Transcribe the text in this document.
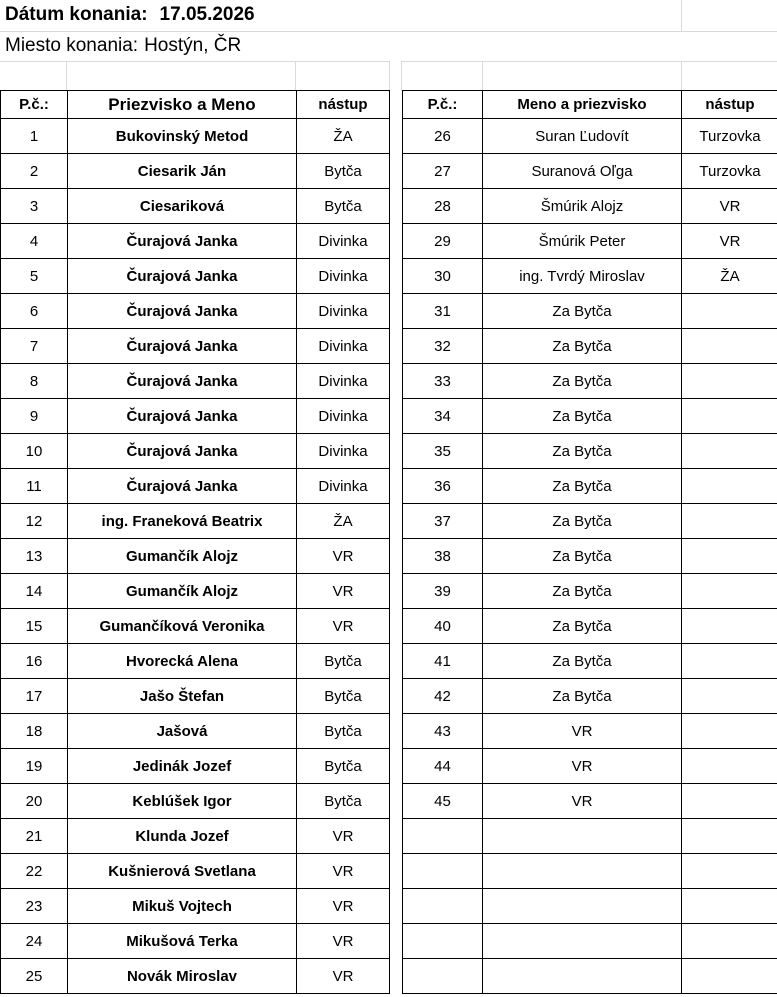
Dátum konania: 17.05.2026
Miesto konania: Hostýn, ČR
P.č.:	Priezvisko a Meno	nástup
1	Bukovinský Metod	ŽA
2	Ciesarik Ján	Bytča
3	Ciesariková	Bytča
4	Čurajová Janka	Divinka
5	Čurajová Janka	Divinka
6	Čurajová Janka	Divinka
7	Čurajová Janka	Divinka
8	Čurajová Janka	Divinka
9	Čurajová Janka	Divinka
10	Čurajová Janka	Divinka
11	Čurajová Janka	Divinka
12	ing. Franeková Beatrix	ŽA
13	Gumančík Alojz	VR
14	Gumančík Alojz	VR
15	Gumančíková Veronika	VR
16	Hvorecká Alena	Bytča
17	Jašo Štefan	Bytča
18	Jašová	Bytča
19	Jedinák Jozef	Bytča
20	Keblúšek Igor	Bytča
21	Klunda Jozef	VR
22	Kušnierová Svetlana	VR
23	Mikuš Vojtech	VR
24	Mikušová Terka	VR
25	Novák Miroslav	VR
P.č.:	Meno a priezvisko	nástup
26	Suran Ľudovít	Turzovka
27	Suranová Oľga	Turzovka
28	Šmúrik Alojz	VR
29	Šmúrik Peter	VR
30	ing. Tvrdý Miroslav	ŽA
31	Za Bytča	
32	Za Bytča	
33	Za Bytča	
34	Za Bytča	
35	Za Bytča	
36	Za Bytča	
37	Za Bytča	
38	Za Bytča	
39	Za Bytča	
40	Za Bytča	
41	Za Bytča	
42	Za Bytča	
43	VR	
44	VR	
45	VR	
